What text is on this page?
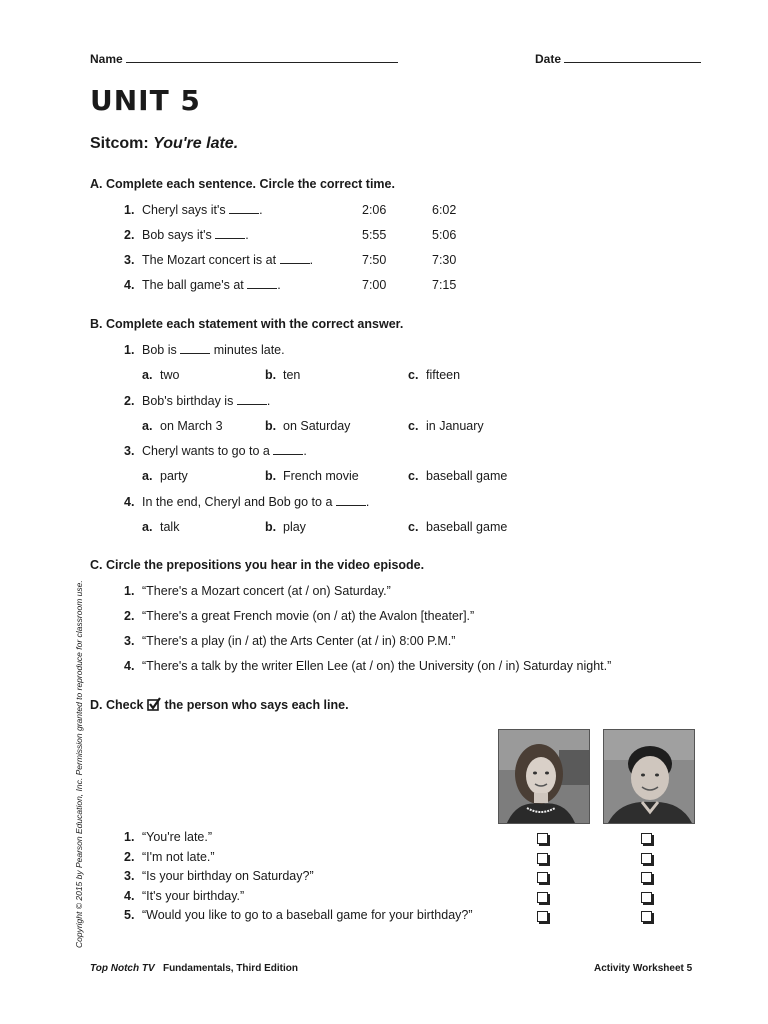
Name	Date
UNIT 5
Sitcom: You're late.
A. Complete each sentence. Circle the correct time.
1. Cheryl says it's	.	2:06	6:02
2. Bob says it's	.	5:55	5:06
3. The Mozart concert is at	.	7:50	7:30
4. The ball game's at	.	7:00	7:15
B. Complete each statement with the correct answer.
1. Bob is	minutes late.
a. two	b. ten	c. fifteen
2. Bob's birthday is	.
a. on March 3	b. on Saturday	c. in January
3. Cheryl wants to go to a	.
a. party	b. French movie	c. baseball game
4. In the end, Cheryl and Bob go to a	.
a. talk	b. play	c. baseball game
C. Circle the prepositions you hear in the video episode.
1. “There's a Mozart concert (at / on) Saturday.”
2. “There's a great French movie (on / at) the Avalon [theater].”
3. “There's a play (in / at) the Arts Center (at / in) 8:00 P.M.”
4. “There's a talk by the writer Ellen Lee (at / on) the University (on / in) Saturday night.”
D. Check the person who says each line.
1. “You're late.”
2. “I'm not late.”
3. “Is your birthday on Saturday?”
4. “It's your birthday.”
5. “Would you like to go to a baseball game for your birthday?”
Copyright © 2015 by Pearson Education, Inc. Permission granted to reproduce for classroom use.
Top Notch TV Fundamentals, Third Edition	Activity Worksheet 5
